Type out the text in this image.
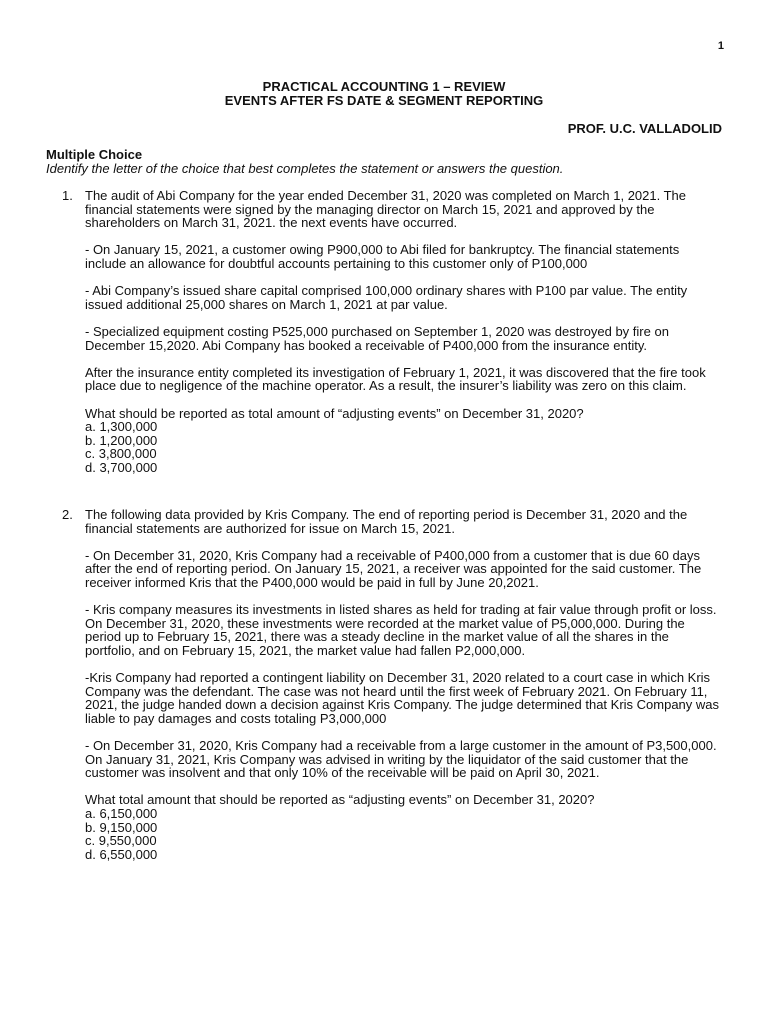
1
PRACTICAL ACCOUNTING 1 – REVIEW
EVENTS AFTER FS DATE & SEGMENT REPORTING
PROF. U.C. VALLADOLID
Multiple Choice
Identify the letter of the choice that best completes the statement or answers the question.
1. The audit of Abi Company for the year ended December 31, 2020 was completed on March 1, 2021. The financial statements were signed by the managing director on March 15, 2021 and approved by the shareholders on March 31, 2021. the next events have occurred.

- On January 15, 2021, a customer owing P900,000 to Abi filed for bankruptcy. The financial statements include an allowance for doubtful accounts pertaining to this customer only of P100,000

- Abi Company’s issued share capital comprised 100,000 ordinary shares with P100 par value. The entity issued additional 25,000 shares on March 1, 2021 at par value.

- Specialized equipment costing P525,000 purchased on September 1, 2020 was destroyed by fire on December 15,2020. Abi Company has booked a receivable of P400,000 from the insurance entity.

After the insurance entity completed its investigation of February 1, 2021, it was discovered that the fire took place due to negligence of the machine operator. As a result, the insurer’s liability was zero on this claim.

What should be reported as total amount of “adjusting events” on December 31, 2020?

a. 1,300,000
b. 1,200,000
c. 3,800,000
d. 3,700,000
2. The following data provided by Kris Company. The end of reporting period is December 31, 2020 and the financial statements are authorized for issue on March 15, 2021.

- On December 31, 2020, Kris Company had a receivable of P400,000 from a customer that is due 60 days after the end of reporting period. On January 15, 2021, a receiver was appointed for the said customer. The receiver informed Kris that the P400,000 would be paid in full by June 20,2021.

- Kris company measures its investments in listed shares as held for trading at fair value through profit or loss. On December 31, 2020, these investments were recorded at the market value of P5,000,000. During the period up to February 15, 2021, there was a steady decline in the market value of all the shares in the portfolio, and on February 15, 2021, the market value had fallen P2,000,000.

-Kris Company had reported a contingent liability on December 31, 2020 related to a court case in which Kris Company was the defendant. The case was not heard until the first week of February 2021. On February 11, 2021, the judge handed down a decision against Kris Company. The judge determined that Kris Company was liable to pay damages and costs totaling P3,000,000

- On December 31, 2020, Kris Company had a receivable from a large customer in the amount of P3,500,000. On January 31, 2021, Kris Company was advised in writing by the liquidator of the said customer that the customer was insolvent and that only 10% of the receivable will be paid on April 30, 2021.

What total amount that should be reported as “adjusting events” on December 31, 2020?

a. 6,150,000
b. 9,150,000
c. 9,550,000
d. 6,550,000
